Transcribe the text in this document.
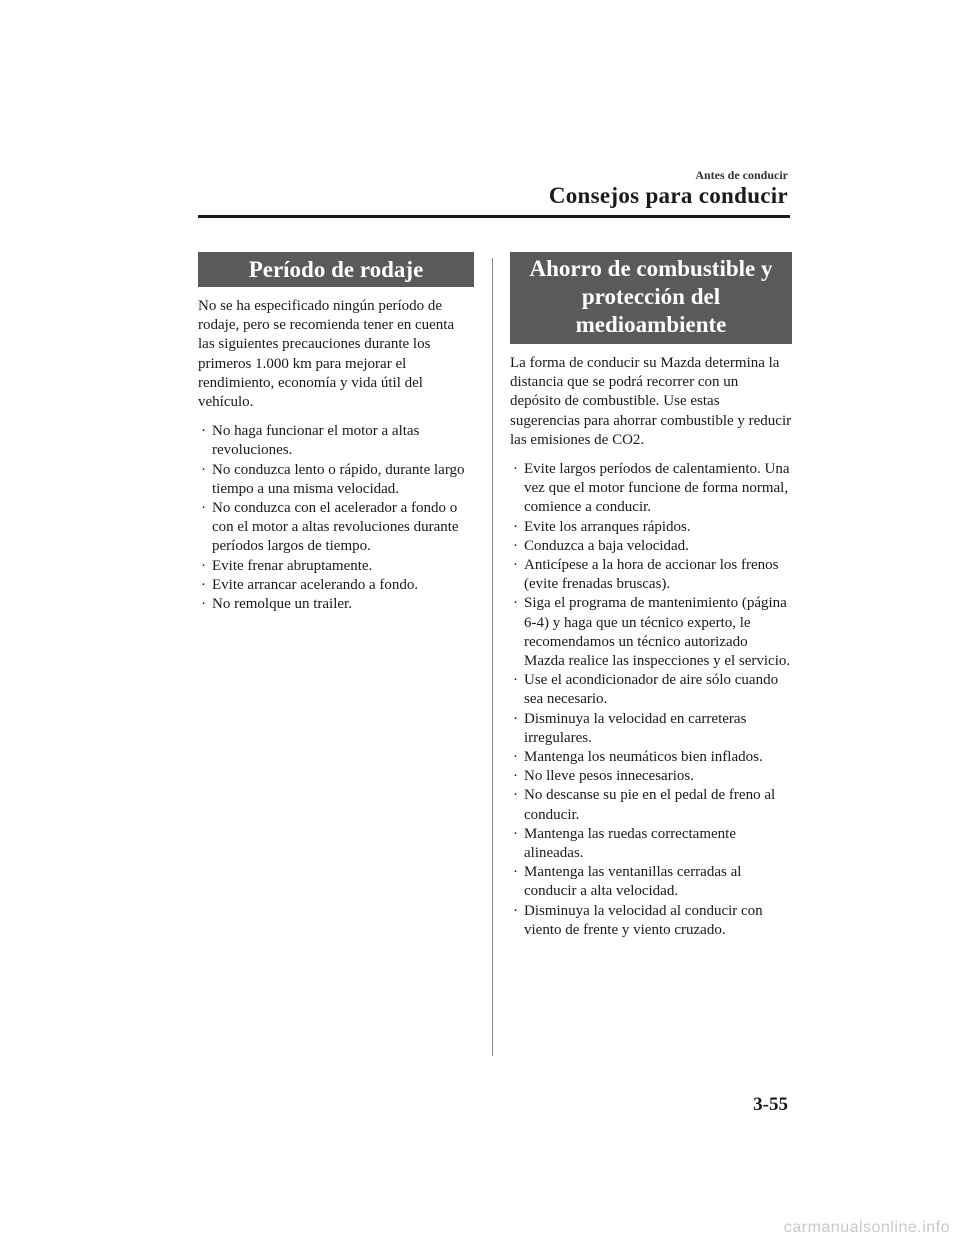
Antes de conducir
Consejos para conducir
Período de rodaje

No se ha especificado ningún período de rodaje, pero se recomienda tener en cuenta las siguientes precauciones durante los primeros 1.000 km para mejorar el rendimiento, economía y vida útil del vehículo.

· No haga funcionar el motor a altas revoluciones.
· No conduzca lento o rápido, durante largo tiempo a una misma velocidad.
· No conduzca con el acelerador a fondo o con el motor a altas revoluciones durante períodos largos de tiempo.
· Evite frenar abruptamente.
· Evite arrancar acelerando a fondo.
· No remolque un trailer.
Ahorro de combustible y
protección del
medioambiente

La forma de conducir su Mazda determina la distancia que se podrá recorrer con un depósito de combustible. Use estas sugerencias para ahorrar combustible y reducir las emisiones de CO2.

· Evite largos períodos de calentamiento. Una vez que el motor funcione de forma normal, comience a conducir.
· Evite los arranques rápidos.
· Conduzca a baja velocidad.
· Anticípese a la hora de accionar los frenos (evite frenadas bruscas).
· Siga el programa de mantenimiento (página 6-4) y haga que un técnico experto, le recomendamos un técnico autorizado Mazda realice las inspecciones y el servicio.
· Use el acondicionador de aire sólo cuando sea necesario.
· Disminuya la velocidad en carreteras irregulares.
· Mantenga los neumáticos bien inflados.
· No lleve pesos innecesarios.
· No descanse su pie en el pedal de freno al conducir.
· Mantenga las ruedas correctamente alineadas.
· Mantenga las ventanillas cerradas al conducir a alta velocidad.
· Disminuya la velocidad al conducir con viento de frente y viento cruzado.
3-55
carmanualsonline.info
